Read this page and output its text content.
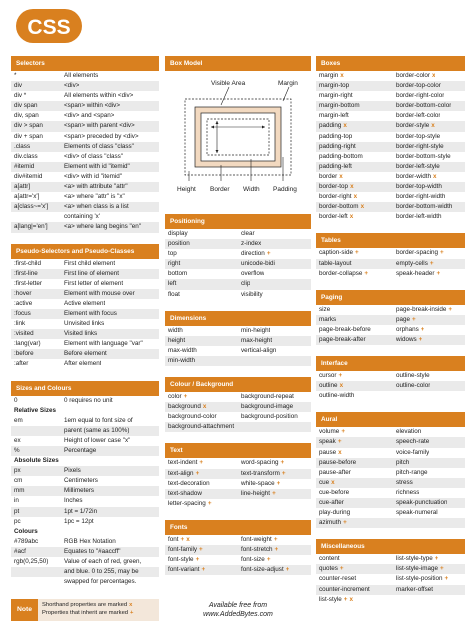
CSS
Selectors
*	All elements
div	<div>
div *	All elements within <div>
div span	<span> within <div>
div, span	<div> and <span>
div > span	<span> with parent <div>
div + span	<span> preceded by <div>
.class	Elements of class "class"
div.class	<div> of class "class"
#itemid	Element with id "itemid"
div#itemid	<div> with id "itemid"
a[attr]	<a> with attribute "attr"
a[attr='x']	<a> where "attr" is "x"
a[class~='x']	<a> when class is a list
containing 'x'
a[lang|='en']	<a> where lang begins "en"
Pseudo-Selectors and Pseudo-Classes
:first-child	First child element
:first-line	First line of element
:first-letter	First letter of element
:hover	Element with mouse over
:active	Active element
:focus	Element with focus
:link	Unvisited links
:visited	Visited links
:lang(var)	Element with language "var"
:before	Before element
:after	After element
Sizes and Colours
0	0 requires no unit
Relative Sizes
em	1em equal to font size of
parent (same as 100%)
ex	Height of lower case "x"
%	Percentage
Absolute Sizes
px	Pixels
cm	Centimeters
mm	Millimeters
in	Inches
pt	1pt = 1/72in
pc	1pc = 12pt
Colours
#789abc	RGB Hex Notation
#acf	Equates to "#aaccff"
rgb(0,25,50)	Value of each of red, green,
and blue. 0 to 255, may be
swapped for percentages.
Note
Shorthand properties are marked x
Properties that inherit are marked +
Box Model
Visible Area	Margin
Height Border Width Padding
Positioning
display	clear
position	z-index
top	direction +
right	unicode-bidi
bottom	overflow
left	clip
float	visibility
Dimensions
width	min-height
height	max-height
max-width	vertical-align
min-width
Colour / Background
color +	background-repeat
background x	background-image
background-color	background-position
background-attachment
Text
text-indent +	word-spacing +
text-align +	text-transform +
text-decoration	white-space +
text-shadow	line-height +
letter-spacing +
Fonts
font + x	font-weight +
font-family +	font-stretch +
font-style +	font-size +
font-variant +	font-size-adjust +
Available free from
www.AddedBytes.com
Boxes
margin x	border-color x
margin-top	border-top-color
margin-right	border-right-color
margin-bottom	border-bottom-color
margin-left	border-left-color
padding x	border-style x
padding-top	border-top-style
padding-right	border-right-style
padding-bottom	border-bottom-style
padding-left	border-left-style
border x	border-width x
border-top x	border-top-width
border-right x	border-right-width
border-bottom x	border-bottom-width
border-left x	border-left-width
Tables
caption-side +	border-spacing +
table-layout	empty-cells +
border-collapse +	speak-header +
Paging
size	page-break-inside +
marks	page +
page-break-before	orphans +
page-break-after	widows +
Interface
cursor +	outline-style
outline x	outline-color
outline-width
Aural
volume +	elevation
speak +	speech-rate
pause x	voice-family
pause-before	pitch
pause-after	pitch-range
cue x	stress
cue-before	richness
cue-after	speak-punctuation
play-during	speak-numeral
azimuth +
Miscellaneous
content	list-style-type +
quotes +	list-style-image +
counter-reset	list-style-position +
counter-increment	marker-offset
list-style + x
